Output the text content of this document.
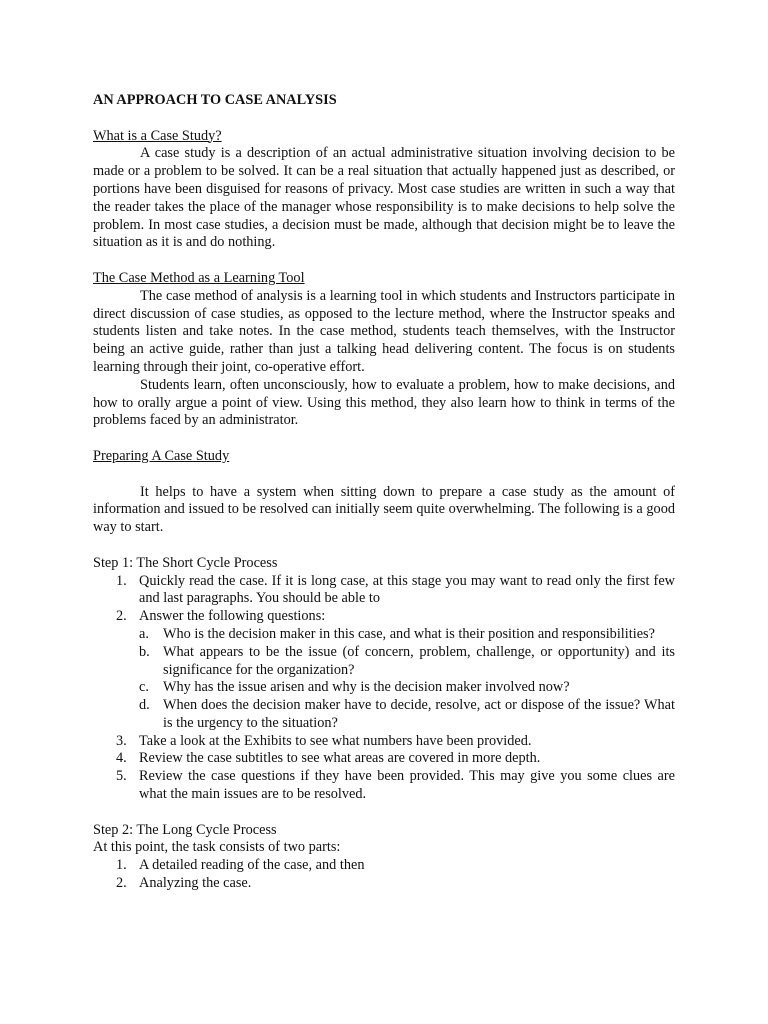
AN APPROACH TO CASE ANALYSIS
What is a Case Study?

A case study is a description of an actual administrative situation involving decision to be made or a problem to be solved. It can be a real situation that actually happened just as described, or portions have been disguised for reasons of privacy. Most case studies are written in such a way that the reader takes the place of the manager whose responsibility is to make decisions to help solve the problem. In most case studies, a decision must be made, although that decision might be to leave the situation as it is and do nothing.

The Case Method as a Learning Tool

The case method of analysis is a learning tool in which students and Instructors participate in direct discussion of case studies, as opposed to the lecture method, where the Instructor speaks and students listen and take notes. In the case method, students teach themselves, with the Instructor being an active guide, rather than just a talking head delivering content. The focus is on students learning through their joint, co-operative effort.

Students learn, often unconsciously, how to evaluate a problem, how to make decisions, and how to orally argue a point of view. Using this method, they also learn how to think in terms of the problems faced by an administrator.

Preparing A Case Study

It helps to have a system when sitting down to prepare a case study as the amount of information and issued to be resolved can initially seem quite overwhelming. The following is a good way to start.

Step 1: The Short Cycle Process
1. Quickly read the case. If it is long case, at this stage you may want to read only the first few and last paragraphs. You should be able to
2. Answer the following questions:
a. Who is the decision maker in this case, and what is their position and responsibilities?
b. What appears to be the issue (of concern, problem, challenge, or opportunity) and its significance for the organization?
c. Why has the issue arisen and why is the decision maker involved now?
d. When does the decision maker have to decide, resolve, act or dispose of the issue? What is the urgency to the situation?
3. Take a look at the Exhibits to see what numbers have been provided.
4. Review the case subtitles to see what areas are covered in more depth.
5. Review the case questions if they have been provided. This may give you some clues are what the main issues are to be resolved.
Step 2: The Long Cycle Process
At this point, the task consists of two parts:
1. A detailed reading of the case, and then
2. Analyzing the case.
